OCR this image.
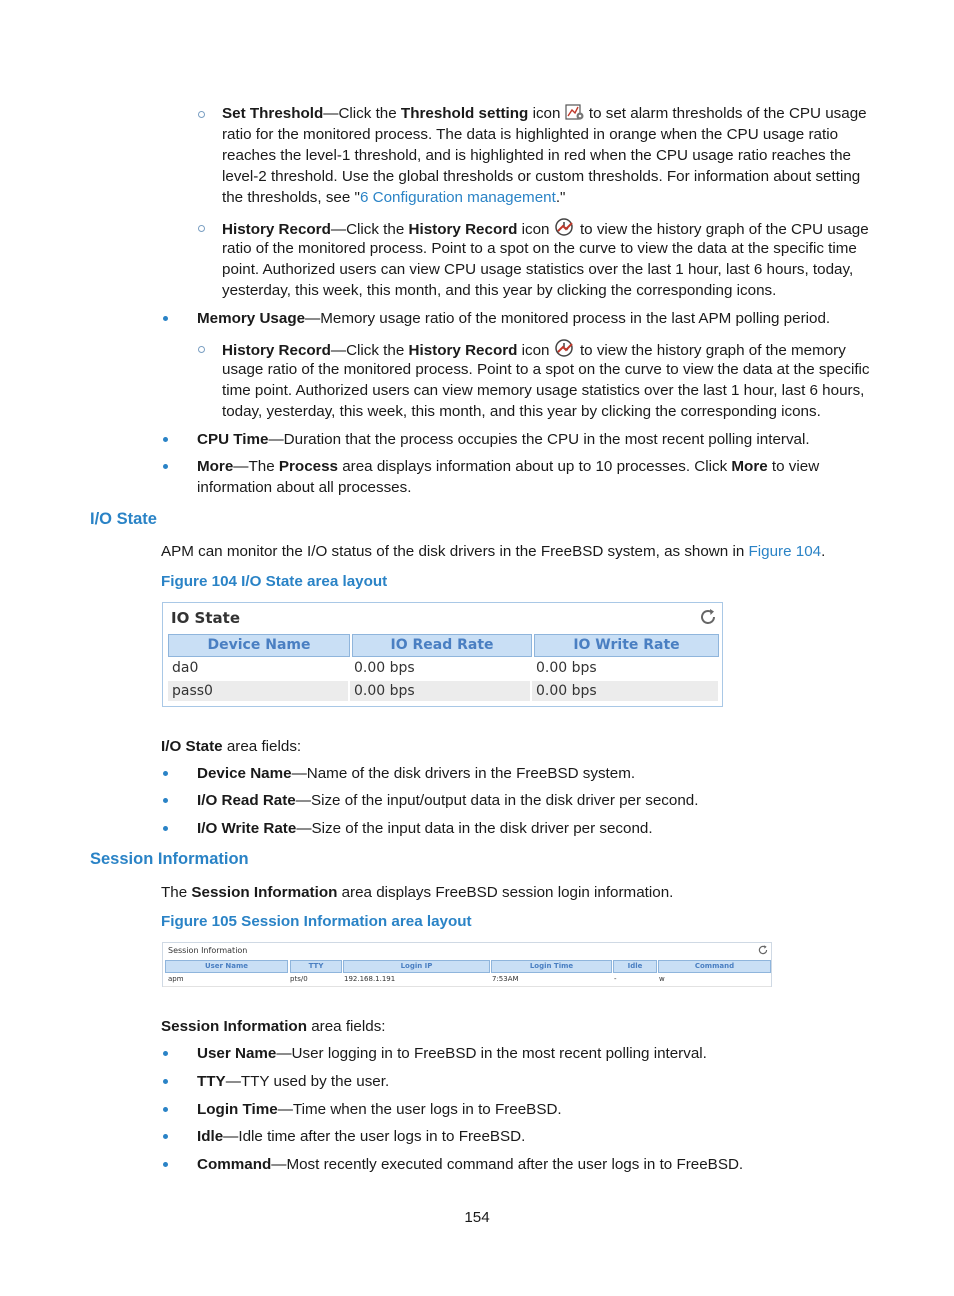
Set Threshold—Click the Threshold setting icon  to set alarm thresholds of the CPU usage
ratio for the monitored process. The data is highlighted in orange when the CPU usage ratio
reaches the level-1 threshold, and is highlighted in red when the CPU usage ratio reaches the
level-2 threshold. Use the global thresholds or custom thresholds. For information about setting
the thresholds, see "6 Configuration management."
History Record—Click the History Record icon  to view the history graph of the CPU usage
ratio of the monitored process. Point to a spot on the curve to view the data at the specific time
point. Authorized users can view CPU usage statistics over the last 1 hour, last 6 hours, today,
yesterday, this week, this month, and this year by clicking the corresponding icons.
Memory Usage—Memory usage ratio of the monitored process in the last APM polling period.
History Record—Click the History Record icon  to view the history graph of the memory
usage ratio of the monitored process. Point to a spot on the curve to view the data at the specific
time point. Authorized users can view memory usage statistics over the last 1 hour, last 6 hours,
today, yesterday, this week, this month, and this year by clicking the corresponding icons.
CPU Time—Duration that the process occupies the CPU in the most recent polling interval.
More—The Process area displays information about up to 10 processes. Click More to view
information about all processes.
I/O State
APM can monitor the I/O status of the disk drivers in the FreeBSD system, as shown in Figure 104.
Figure 104 I/O State area layout
IO State
Device Name	IO Read Rate	IO Write Rate
da0	0.00 bps	0.00 bps
pass0	0.00 bps	0.00 bps
I/O State area fields:
Device Name—Name of the disk drivers in the FreeBSD system.
I/O Read Rate—Size of the input/output data in the disk driver per second.
I/O Write Rate—Size of the input data in the disk driver per second.
Session Information
The Session Information area displays FreeBSD session login information.
Figure 105 Session Information area layout
Session Information
User Name	TTY	Login IP	Login Time	Idle	Command
apm	pts/0	192.168.1.191	7:53AM	-	w
Session Information area fields:
User Name—User logging in to FreeBSD in the most recent polling interval.
TTY—TTY used by the user.
Login Time—Time when the user logs in to FreeBSD.
Idle—Idle time after the user logs in to FreeBSD.
Command—Most recently executed command after the user logs in to FreeBSD.
154
